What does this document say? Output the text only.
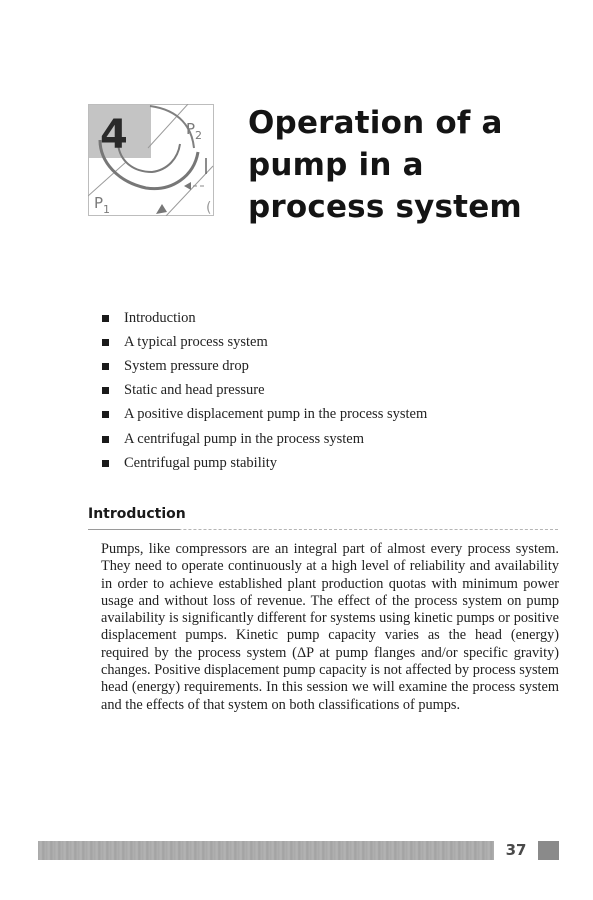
(
4	$P_2$
$P_1$
Operation of a
pump in a
process system
Introduction
A typical process system
System pressure drop
Static and head pressure
A positive displacement pump in the process system
A centrifugal pump in the process system
Centrifugal pump stability
Introduction

Pumps, like compressors are an integral part of almost every process system. They need to operate continuously at a high level of reliability and availability in order to achieve established plant production quotas with minimum power usage and without loss of revenue. The effect of the process system on pump availability is significantly different for systems using kinetic pumps or positive displacement pumps. Kinetic pump capacity varies as the head (energy) required by the process system (ΔP at pump flanges and/or specific gravity) changes. Positive displacement pump capacity is not affected by process system head (energy) requirements. In this session we will examine the process system and the effects of that system on both classifications of pumps.

37
